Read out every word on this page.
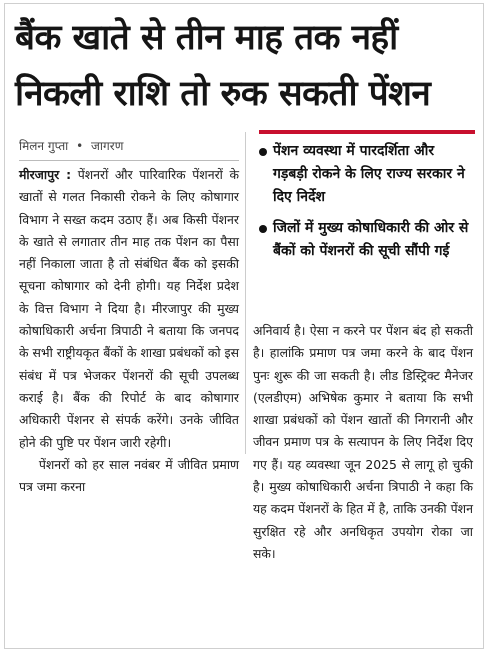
बैंक खाते से तीन माह तक नहीं
निकली राशि तो रुक सकती पेंशन
मिलन गुप्ता • जागरण	पेंशन व्यवस्था में पारदर्शिता और गड़बड़ी रोकने के लिए राज्य सरकार ने दिए निर्देश
जिलों में मुख्य कोषाधिकारी की ओर से बैंकों को पेंशनरों की सूची सौंपी गई

मीरजापुर : पेंशनरों और पारिवारिक पेंशनरों के खातों से गलत निकासी रोकने के लिए कोषागार विभाग ने सख्त कदम उठाए हैं। अब किसी पेंशनर के खाते से लगातार तीन माह तक पेंशन का पैसा नहीं निकाला जाता है तो संबंधित बैंक को इसकी सूचना कोषागार को देनी होगी। यह निर्देश प्रदेश के वित्त विभाग ने दिया है। मीरजापुर की मुख्य कोषाधिकारी अर्चना त्रिपाठी ने बताया कि जनपद के सभी राष्ट्रीयकृत बैंकों के शाखा प्रबंधकों को इस संबंध में पत्र भेजकर पेंशनरों की सूची उपलब्ध कराई है। बैंक की रिपोर्ट के बाद कोषागार अधिकारी पेंशनर से संपर्क करेंगे। उनके जीवित होने की पुष्टि पर पेंशन जारी रहेगी।

पेंशनरों को हर साल नवंबर में जीवित प्रमाण पत्र जमा करना

अनिवार्य है। ऐसा न करने पर पेंशन बंद हो सकती है। हालांकि प्रमाण पत्र जमा करने के बाद पेंशन पुनः शुरू की जा सकती है। लीड डिस्ट्रिक्ट मैनेजर (एलडीएम) अभिषेक कुमार ने बताया कि सभी शाखा प्रबंधकों को पेंशन खातों की निगरानी और जीवन प्रमाण पत्र के सत्यापन के लिए निर्देश दिए गए हैं। यह व्यवस्था जून 2025 से लागू हो चुकी है। मुख्य कोषाधिकारी अर्चना त्रिपाठी ने कहा कि यह कदम पेंशनरों के हित में है, ताकि उनकी पेंशन सुरक्षित रहे और अनधिकृत उपयोग रोका जा सके।
